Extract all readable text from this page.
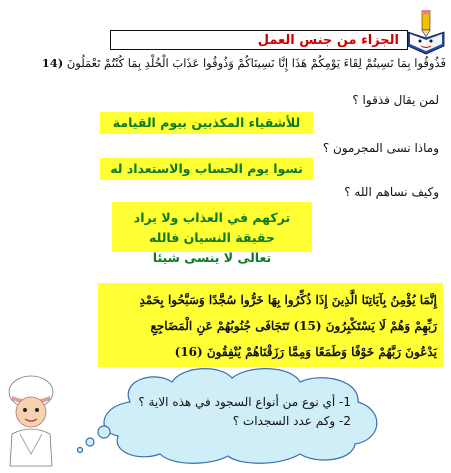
الجزاء من جنس العمل
فَذُوقُوا بِمَا نَسِيتُمْ لِقَاءَ يَوْمِكُمْ هَذَا إِنَّا نَسِينَاكُمْ وَذُوقُوا عَذَابَ الْخُلْدِ بِمَا كُنْتُمْ تَعْمَلُونَ (14
لمن يقال فذقوا ؟
للأشقياء المكذبين بيوم القيامة
وماذا نسى المجرمون ؟
نسوا يوم الحساب والاستعداد له
وكيف نساهم الله ؟
تركهم في العذاب ولا يراد حقيقة النسيان فالله
تعالى لا ينسى شيئا
إِنَّمَا يُؤْمِنُ بِآيَاتِنَا الَّذِينَ إِذَا ذُكِّرُوا بِهَا خَرُّوا سُجَّدًا وَسَبَّحُوا بِحَمْدِ
رَبِّهِمْ وَهُمْ لَا يَسْتَكْبِرُونَ (15) تَتَجَافَى جُنُوبُهُمْ عَنِ الْمَضَاجِعِ
يَدْعُونَ رَبَّهُمْ خَوْفًا وَطَمَعًا وَمِمَّا رَزَقْنَاهُمْ يُنْفِقُونَ (16)
1- أي نوع من أنواع السجود في هذه الاية ؟
2- وكم عدد السجدات ؟
